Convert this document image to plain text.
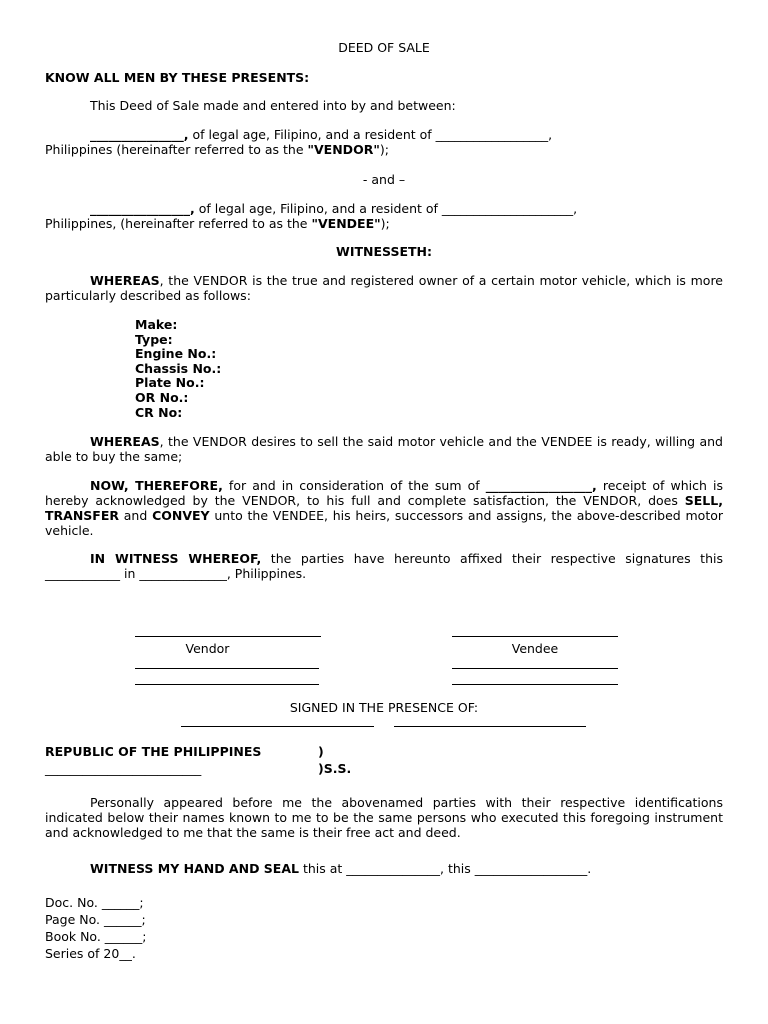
DEED OF SALE
KNOW ALL MEN BY THESE PRESENTS:
This Deed of Sale made and entered into by and between:

_______________, of legal age, Filipino, and a resident of __________________,
Philippines (hereinafter referred to as the "VENDOR");

- and –

________________, of legal age, Filipino, and a resident of _____________________,
Philippines, (hereinafter referred to as the "VENDEE");

WITNESSETH:

WHEREAS, the VENDOR is the true and registered owner of a certain motor vehicle, which is more particularly described as follows:

Make:
Type:
Engine No.:
Chassis No.:
Plate No.:
OR No.:
CR No:

WHEREAS, the VENDOR desires to sell the said motor vehicle and the VENDEE is ready, willing and able to buy the same;

NOW, THEREFORE, for and in consideration of the sum of _________________, receipt of which is hereby acknowledged by the VENDOR, to his full and complete satisfaction, the VENDOR, does SELL, TRANSFER and CONVEY unto the VENDEE, his heirs, successors and assigns, the above-described motor vehicle.

IN WITNESS WHEREOF, the parties have hereunto affixed their respective signatures this ____________ in ______________, Philippines.

Vendor	Vendee
SIGNED IN THE PRESENCE OF:
REPUBLIC OF THE PHILIPPINES	)
_________________________	)S.S.

Personally appeared before me the abovenamed parties with their respective identifications indicated below their names known to me to be the same persons who executed this foregoing instrument and acknowledged to me that the same is their free act and deed.

WITNESS MY HAND AND SEAL this at _______________, this __________________.

Doc. No. ______;
Page No. ______;
Book No. ______;
Series of 20__.
